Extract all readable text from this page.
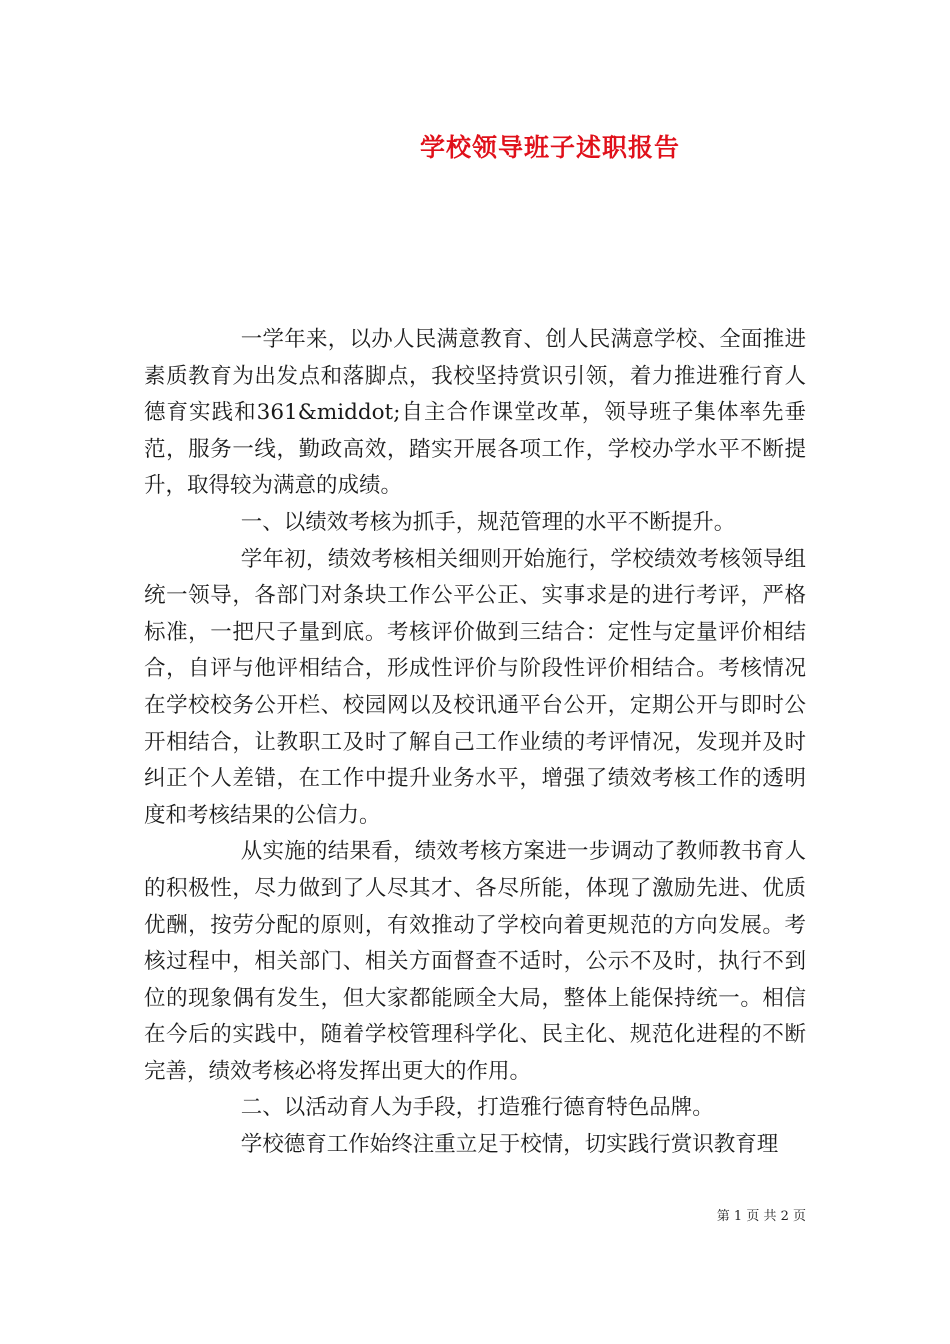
学校领导班子述职报告

一学年来，以办人民满意教育、创人民满意学校、全面推进素质教育为出发点和落脚点，我校坚持赏识引领，着力推进雅行育人德育实践和361&middot;自主合作课堂改革，领导班子集体率先垂范，服务一线，勤政高效，踏实开展各项工作，学校办学水平不断提升，取得较为满意的成绩。

一、以绩效考核为抓手，规范管理的水平不断提升。

学年初，绩效考核相关细则开始施行，学校绩效考核领导组统一领导，各部门对条块工作公平公正、实事求是的进行考评，严格标准，一把尺子量到底。考核评价做到三结合：定性与定量评价相结合，自评与他评相结合，形成性评价与阶段性评价相结合。考核情况在学校校务公开栏、校园网以及校讯通平台公开，定期公开与即时公开相结合，让教职工及时了解自己工作业绩的考评情况，发现并及时纠正个人差错，在工作中提升业务水平，增强了绩效考核工作的透明度和考核结果的公信力。

从实施的结果看，绩效考核方案进一步调动了教师教书育人的积极性，尽力做到了人尽其才、各尽所能，体现了激励先进、优质优酬，按劳分配的原则，有效推动了学校向着更规范的方向发展。考核过程中，相关部门、相关方面督查不适时，公示不及时，执行不到位的现象偶有发生，但大家都能顾全大局，整体上能保持统一。相信在今后的实践中，随着学校管理科学化、民主化、规范化进程的不断完善，绩效考核必将发挥出更大的作用。

二、以活动育人为手段，打造雅行德育特色品牌。

学校德育工作始终注重立足于校情，切实践行赏识教育理

第 1 页 共 2 页
